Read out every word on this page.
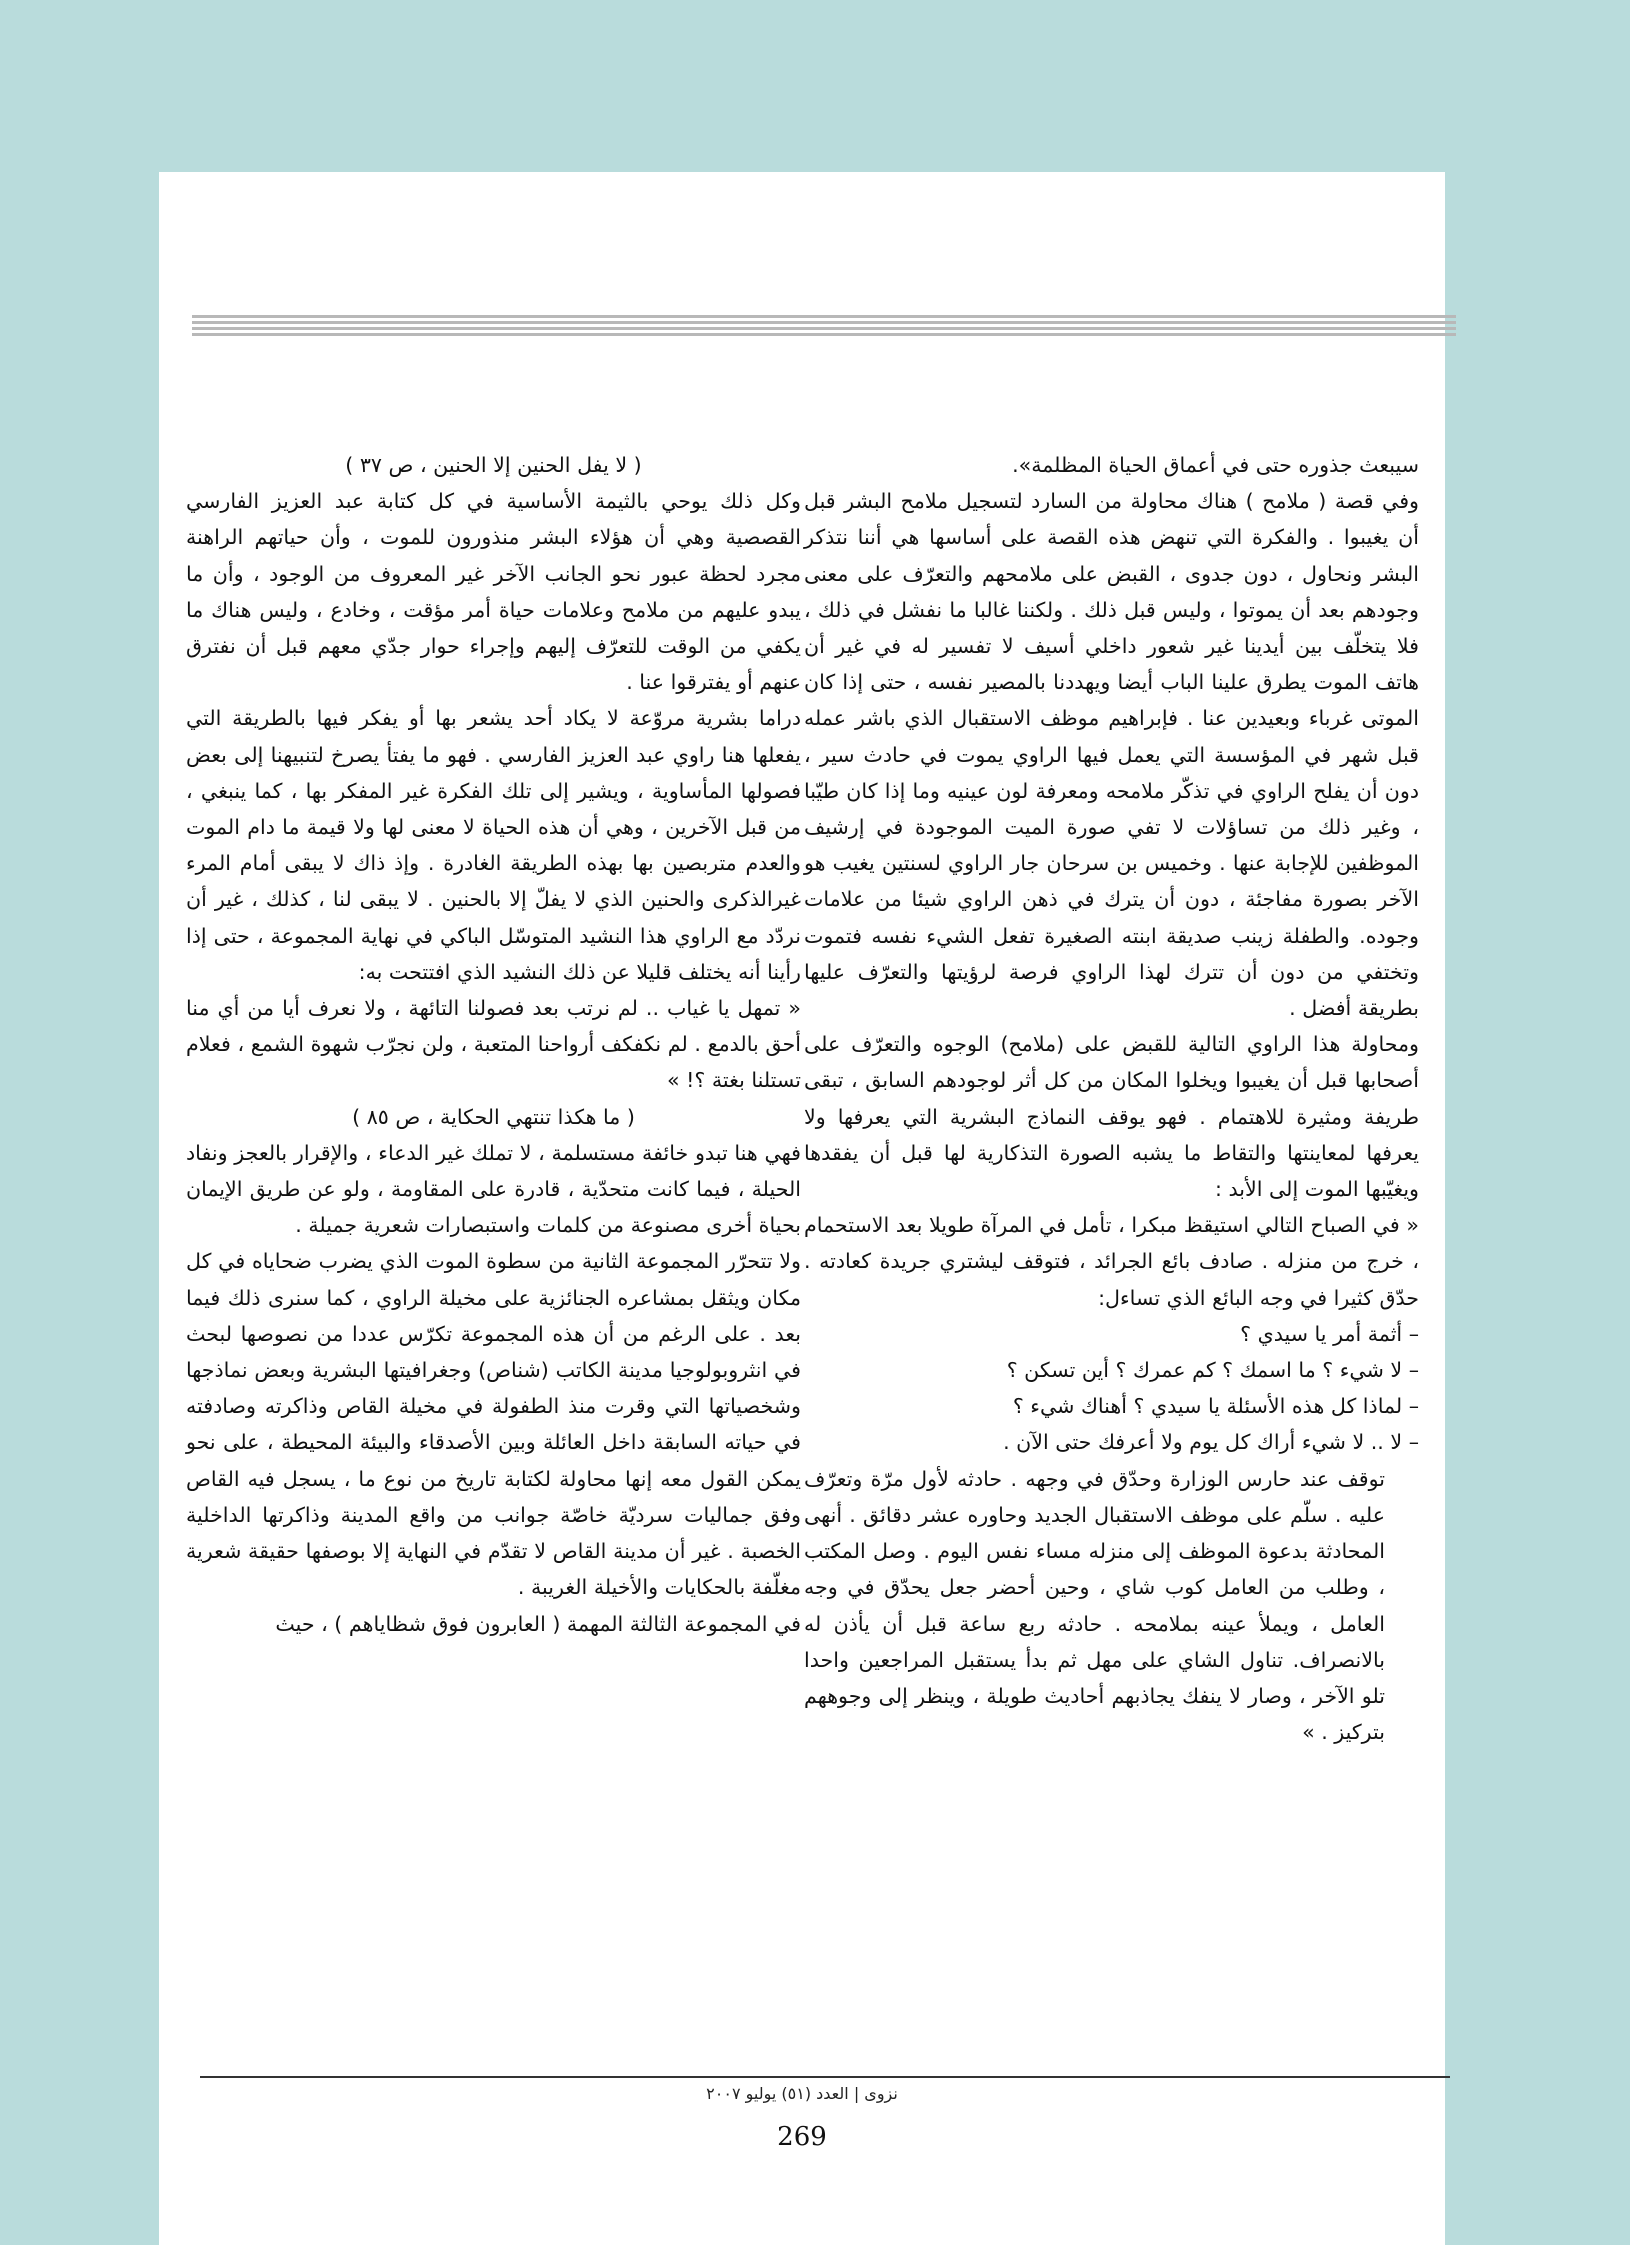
سيبعث جذوره حتى في أعماق الحياة المظلمة».

وفي قصة ( ملامح ) هناك محاولة من السارد لتسجيل ملامح البشر قبل أن يغيبوا . والفكرة التي تنهض هذه القصة على أساسها هي أننا نتذكر البشر ونحاول ، دون جدوى ، القبض على ملامحهم والتعرّف على معنى وجودهم بعد أن يموتوا ، وليس قبل ذلك . ولكننا غالبا ما نفشل في ذلك ، فلا يتخلّف بين أيدينا غير شعور داخلي أسيف لا تفسير له في غير أن هاتف الموت يطرق علينا الباب أيضا ويهددنا بالمصير نفسه ، حتى إذا كان الموتى غرباء وبعيدين عنا . فإبراهيم موظف الاستقبال الذي باشر عمله قبل شهر في المؤسسة التي يعمل فيها الراوي يموت في حادث سير ، دون أن يفلح الراوي في تذكّر ملامحه ومعرفة لون عينيه وما إذا كان طيّبا ، وغير ذلك من تساؤلات لا تفي صورة الميت الموجودة في إرشيف الموظفين للإجابة عنها . وخميس بن سرحان جار الراوي لسنتين يغيب هو الآخر بصورة مفاجئة ، دون أن يترك في ذهن الراوي شيئا من علامات وجوده. والطفلة زينب صديقة ابنته الصغيرة تفعل الشيء نفسه فتموت وتختفي من دون أن تترك لهذا الراوي فرصة لرؤيتها والتعرّف عليها بطريقة أفضل .

ومحاولة هذا الراوي التالية للقبض على (ملامح) الوجوه والتعرّف على أصحابها قبل أن يغيبوا ويخلوا المكان من كل أثر لوجودهم السابق ، تبقى طريفة ومثيرة للاهتمام . فهو يوقف النماذج البشرية التي يعرفها ولا يعرفها لمعاينتها والتقاط ما يشبه الصورة التذكارية لها قبل أن يفقدها ويغيّبها الموت إلى الأبد :

« في الصباح التالي استيقظ مبكرا ، تأمل في المرآة طويلا بعد الاستحمام ، خرج من منزله . صادف بائع الجرائد ، فتوقف ليشتري جريدة كعادته . حدّق كثيرا في وجه البائع الذي تساءل:

– أثمة أمر يا سيدي ؟

– لا شيء ؟ ما اسمك ؟ كم عمرك ؟ أين تسكن ؟

– لماذا كل هذه الأسئلة يا سيدي ؟ أهناك شيء ؟

– لا .. لا شيء أراك كل يوم ولا أعرفك حتى الآن .

توقف عند حارس الوزارة وحدّق في وجهه . حادثه لأول مرّة وتعرّف عليه . سلّم على موظف الاستقبال الجديد وحاوره عشر دقائق . أنهى المحادثة بدعوة الموظف إلى منزله مساء نفس اليوم . وصل المكتب ، وطلب من العامل كوب شاي ، وحين أحضر جعل يحدّق في وجه العامل ، ويملأ عينه بملامحه . حادثه ربع ساعة قبل أن يأذن له بالانصراف. تناول الشاي على مهل ثم بدأ يستقبل المراجعين واحدا تلو الآخر ، وصار لا ينفك يجاذبهم أحاديث طويلة ، وينظر إلى وجوههم بتركيز . »

( لا يفل الحنين إلا الحنين ، ص ٣٧ )

وكل ذلك يوحي بالثيمة الأساسية في كل كتابة عبد العزيز الفارسي القصصية وهي أن هؤلاء البشر منذورون للموت ، وأن حياتهم الراهنة مجرد لحظة عبور نحو الجانب الآخر غير المعروف من الوجود ، وأن ما يبدو عليهم من ملامح وعلامات حياة أمر مؤقت ، وخادع ، وليس هناك ما يكفي من الوقت للتعرّف إليهم وإجراء حوار جدّي معهم قبل أن نفترق عنهم أو يفترقوا عنا .

دراما بشرية مروّعة لا يكاد أحد يشعر بها أو يفكر فيها بالطريقة التي يفعلها هنا راوي عبد العزيز الفارسي . فهو ما يفتأ يصرخ لتنبيهنا إلى بعض فصولها المأساوية ، ويشير إلى تلك الفكرة غير المفكر بها ، كما ينبغي ، من قبل الآخرين ، وهي أن هذه الحياة لا معنى لها ولا قيمة ما دام الموت والعدم متربصين بها بهذه الطريقة الغادرة . وإذ ذاك لا يبقى أمام المرء غيرالذكرى والحنين الذي لا يفلّ إلا بالحنين . لا يبقى لنا ، كذلك ، غير أن نردّد مع الراوي هذا النشيد المتوسّل الباكي في نهاية المجموعة ، حتى إذا رأينا أنه يختلف قليلا عن ذلك النشيد الذي افتتحت به:

« تمهل يا غياب .. لم نرتب بعد فصولنا التائهة ، ولا نعرف أيا من أي منا أحق بالدمع . لم نكفكف أرواحنا المتعبة ، ولن نجرّب شهوة الشمع ، فعلام تستلنا بغتة ؟! »

( ما هكذا تنتهي الحكاية ، ص ٨٥ )

فهي هنا تبدو خائفة مستسلمة ، لا تملك غير الدعاء ، والإقرار بالعجز ونفاد الحيلة ، فيما كانت متحدّية ، قادرة على المقاومة ، ولو عن طريق الإيمان بحياة أخرى مصنوعة من كلمات واستبصارات شعرية جميلة .

ولا تتحرّر المجموعة الثانية من سطوة الموت الذي يضرب ضحاياه في كل مكان ويثقل بمشاعره الجنائزية على مخيلة الراوي ، كما سنرى ذلك فيما بعد . على الرغم من أن هذه المجموعة تكرّس عددا من نصوصها لبحث في انثروبولوجيا مدينة الكاتب (شناص) وجغرافيتها البشرية وبعض نماذجها وشخصياتها التي وقرت منذ الطفولة في مخيلة القاص وذاكرته وصادفته في حياته السابقة داخل العائلة وبين الأصدقاء والبيئة المحيطة ، على نحو يمكن القول معه إنها محاولة لكتابة تاريخ من نوع ما ، يسجل فيه القاص وفق جماليات سرديّة خاصّة جوانب من واقع المدينة وذاكرتها الداخلية الخصبة . غير أن مدينة القاص لا تقدّم في النهاية إلا بوصفها حقيقة شعرية مغلّفة بالحكايات والأخيلة الغريبة .

في المجموعة الثالثة المهمة ( العابرون فوق شظاياهم ) ، حيث

نزوى | العدد (٥١) يوليو ٢٠٠٧
269
